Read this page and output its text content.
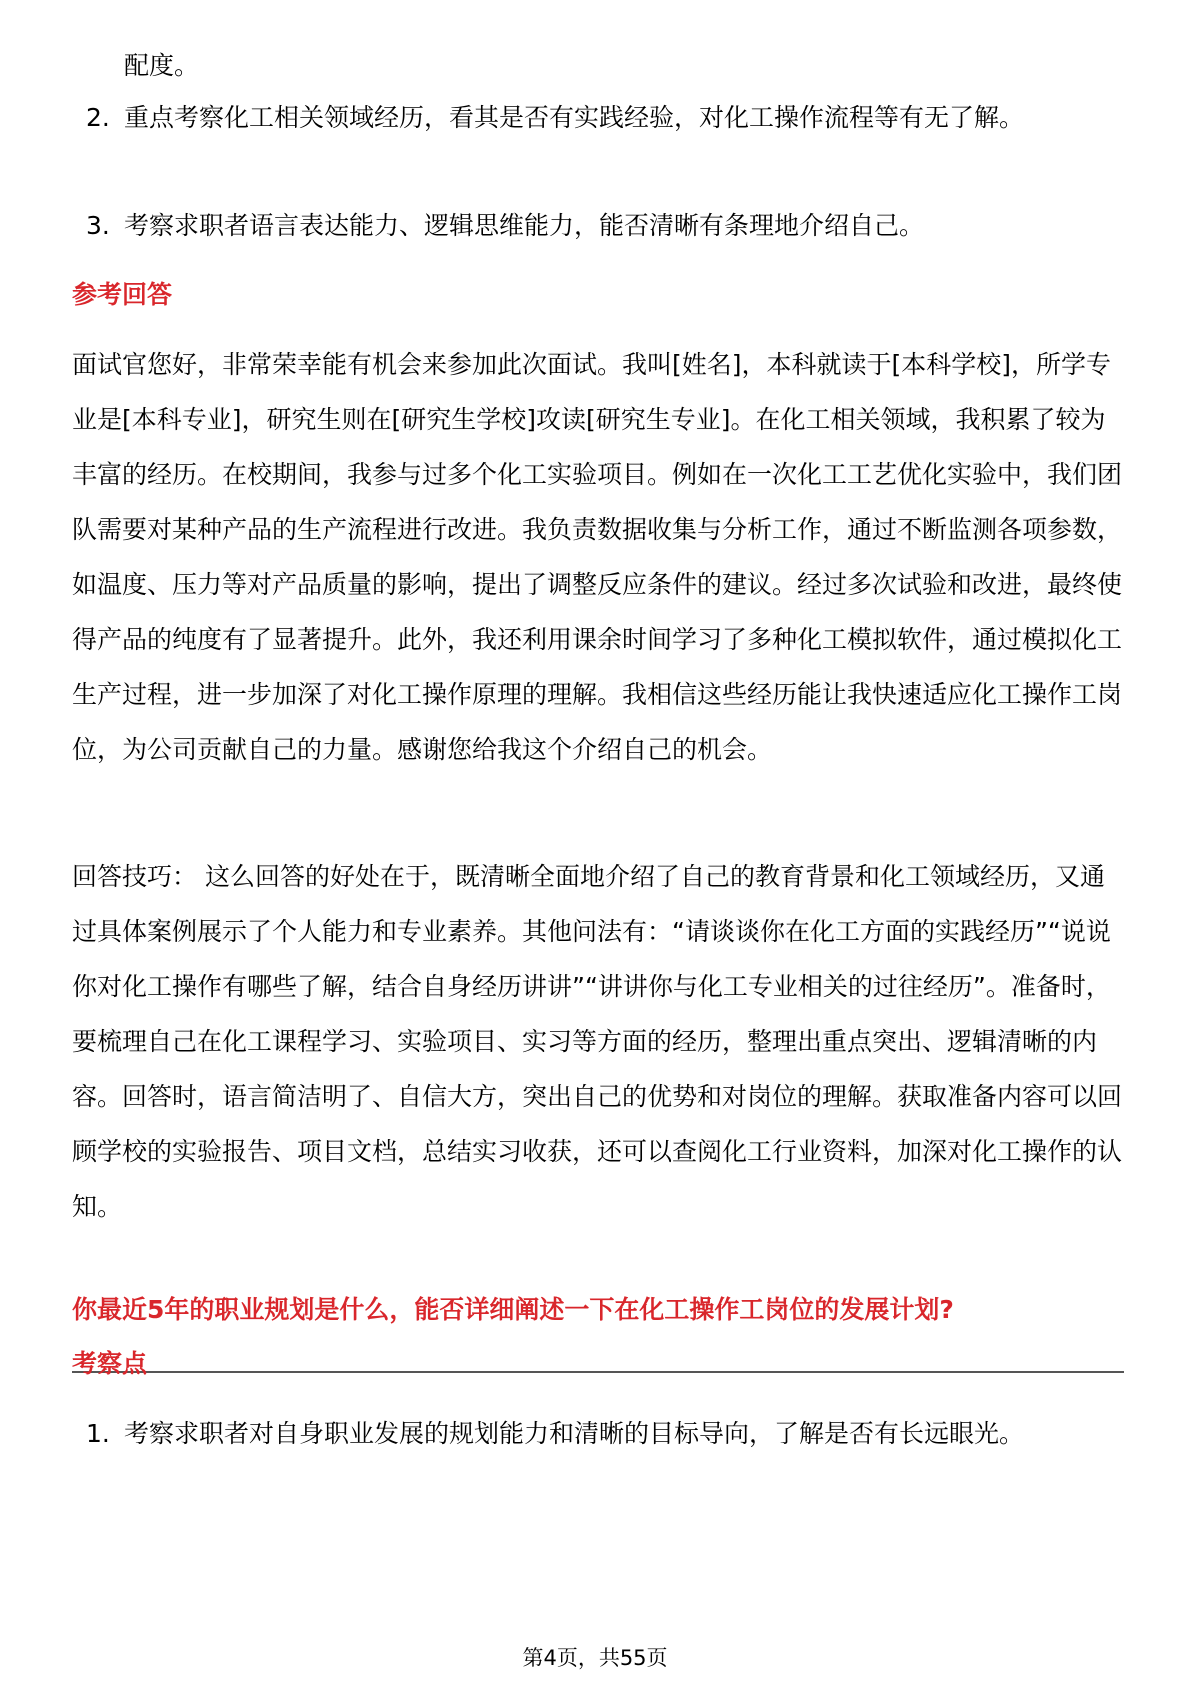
配度。
2. 重点考察化工相关领域经历，看其是否有实践经验，对化工操作流程等有无了解。
3. 考察求职者语言表达能力、逻辑思维能力，能否清晰有条理地介绍自己。
参考回答
面试官您好，非常荣幸能有机会来参加此次面试。我叫[姓名]，本科就读于[本科学校]，所学专业是[本科专业]，研究生则在[研究生学校]攻读[研究生专业]。在化工相关领域，我积累了较为丰富的经历。在校期间，我参与过多个化工实验项目。例如在一次化工工艺优化实验中，我们团队需要对某种产品的生产流程进行改进。我负责数据收集与分析工作，通过不断监测各项参数，如温度、压力等对产品质量的影响，提出了调整反应条件的建议。经过多次试验和改进，最终使得产品的纯度有了显著提升。此外，我还利用课余时间学习了多种化工模拟软件，通过模拟化工生产过程，进一步加深了对化工操作原理的理解。我相信这些经历能让我快速适应化工操作工岗位，为公司贡献自己的力量。感谢您给我这个介绍自己的机会。
回答技巧： 这么回答的好处在于，既清晰全面地介绍了自己的教育背景和化工领域经历，又通过具体案例展示了个人能力和专业素养。其他问法有：“请谈谈你在化工方面的实践经历”“说说你对化工操作有哪些了解，结合自身经历讲讲”“讲讲你与化工专业相关的过往经历”。准备时，要梳理自己在化工课程学习、实验项目、实习等方面的经历，整理出重点突出、逻辑清晰的内容。回答时，语言简洁明了、自信大方，突出自己的优势和对岗位的理解。获取准备内容可以回顾学校的实验报告、项目文档，总结实习收获，还可以查阅化工行业资料，加深对化工操作的认知。
你最近5年的职业规划是什么，能否详细阐述一下在化工操作工岗位的发展计划?
考察点
1. 考察求职者对自身职业发展的规划能力和清晰的目标导向，了解是否有长远眼光。
第4页，共55页
